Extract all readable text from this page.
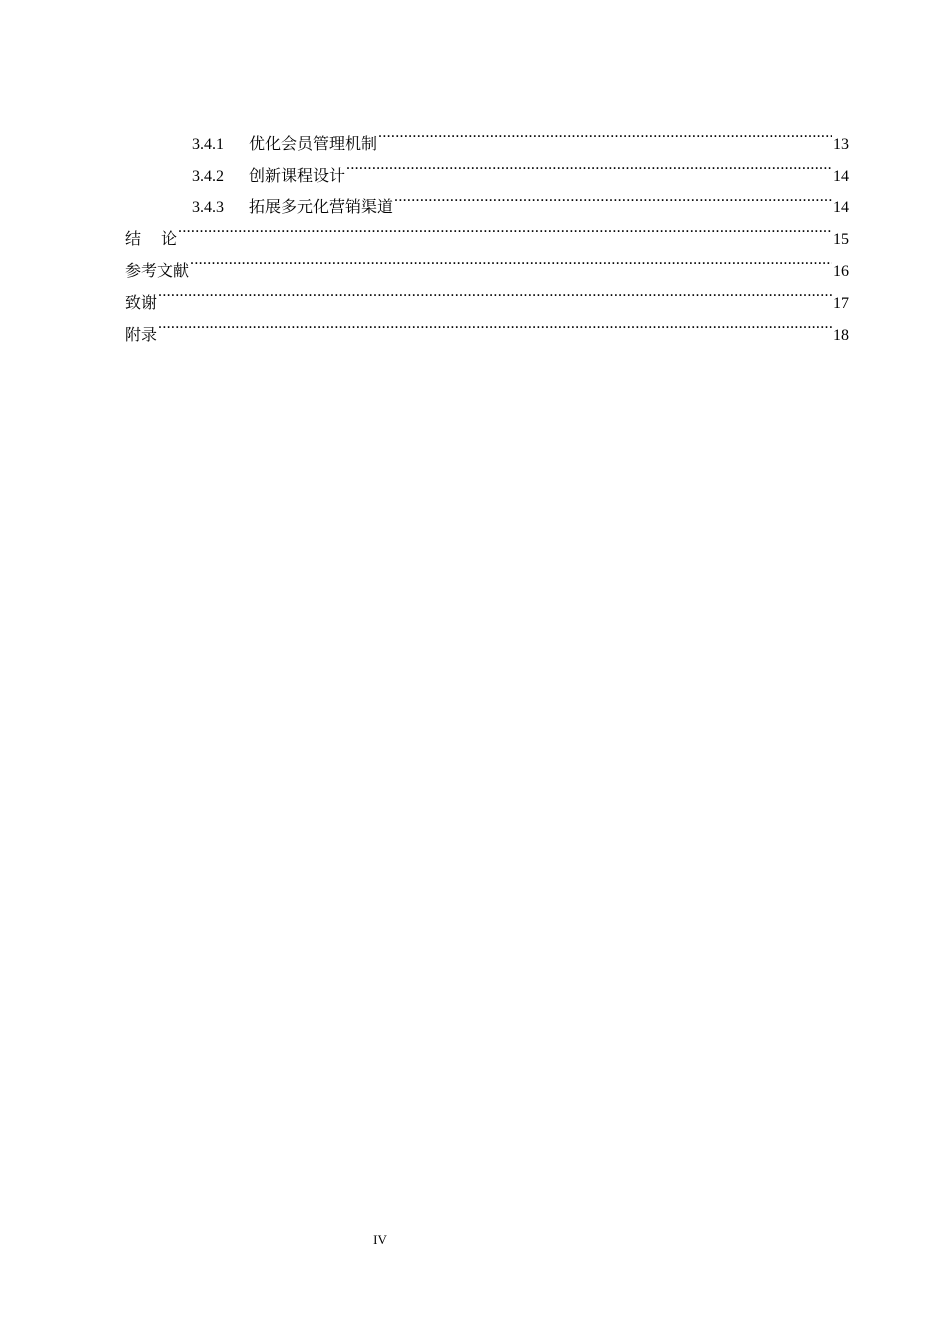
3.4.1	优化会员管理机制 .....	13
3.4.2	创新课程设计 .....	14
3.4.3	拓展多元化营销渠道 .....	14
结 论 .....	15
参考文献 .....	16
致谢 .....	17
附录 .....	18
IV
